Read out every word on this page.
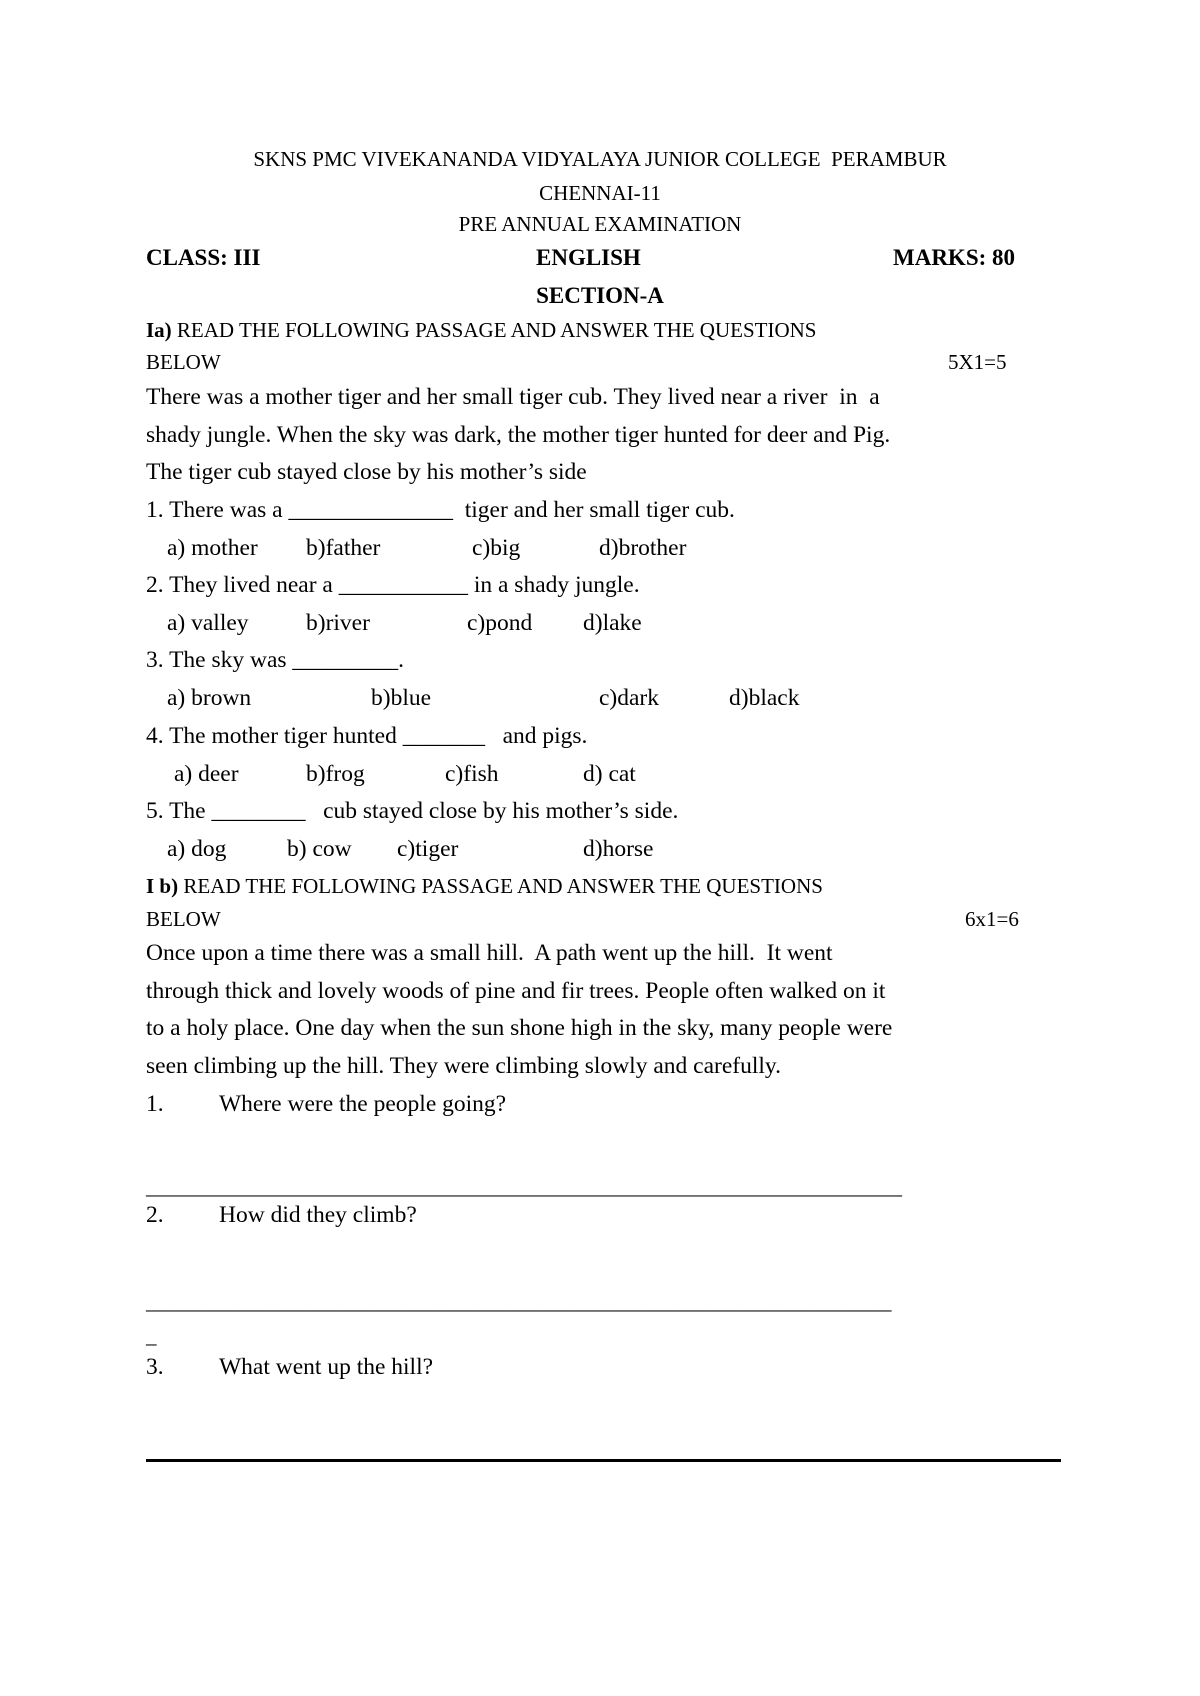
SKNS PMC VIVEKANANDA VIDYALAYA JUNIOR COLLEGE  PERAMBUR
CHENNAI-11
PRE ANNUAL EXAMINATION
CLASS: III	ENGLISH	MARKS: 80
SECTION-A
Ia) READ THE FOLLOWING PASSAGE AND ANSWER THE QUESTIONS
BELOW	5X1=5
There was a mother tiger and her small tiger cub. They lived near a river  in  a
shady jungle. When the sky was dark, the mother tiger hunted for deer and Pig.
The tiger cub stayed close by his mother’s side
1. There was a ______________  tiger and her small tiger cub.
a) mother b)father	c)big	d)brother
2. They lived near a ___________ in a shady jungle.
a) valley b)river	c)pond d)lake
3. The sky was _________.
a) brown	b)blue	c)dark	d)black
4. The mother tiger hunted _______   and pigs.
a) deer	b)frog	c)fish	d) cat
5. The ________   cub stayed close by his mother’s side.
a) dog	b) cow c)tiger	d)horse
I b) READ THE FOLLOWING PASSAGE AND ANSWER THE QUESTIONS
BELOW	6x1=6
Once upon a time there was a small hill.  A path went up the hill.  It went
through thick and lovely woods of pine and fir trees. People often walked on it
to a holy place. One day when the sun shone high in the sky, many people were
seen climbing up the hill. They were climbing slowly and carefully.
1. Where were the people going?
________________________________________________________________________
2. How did they climb?
_______________________________________________________________________
_
3. What went up the hill?
